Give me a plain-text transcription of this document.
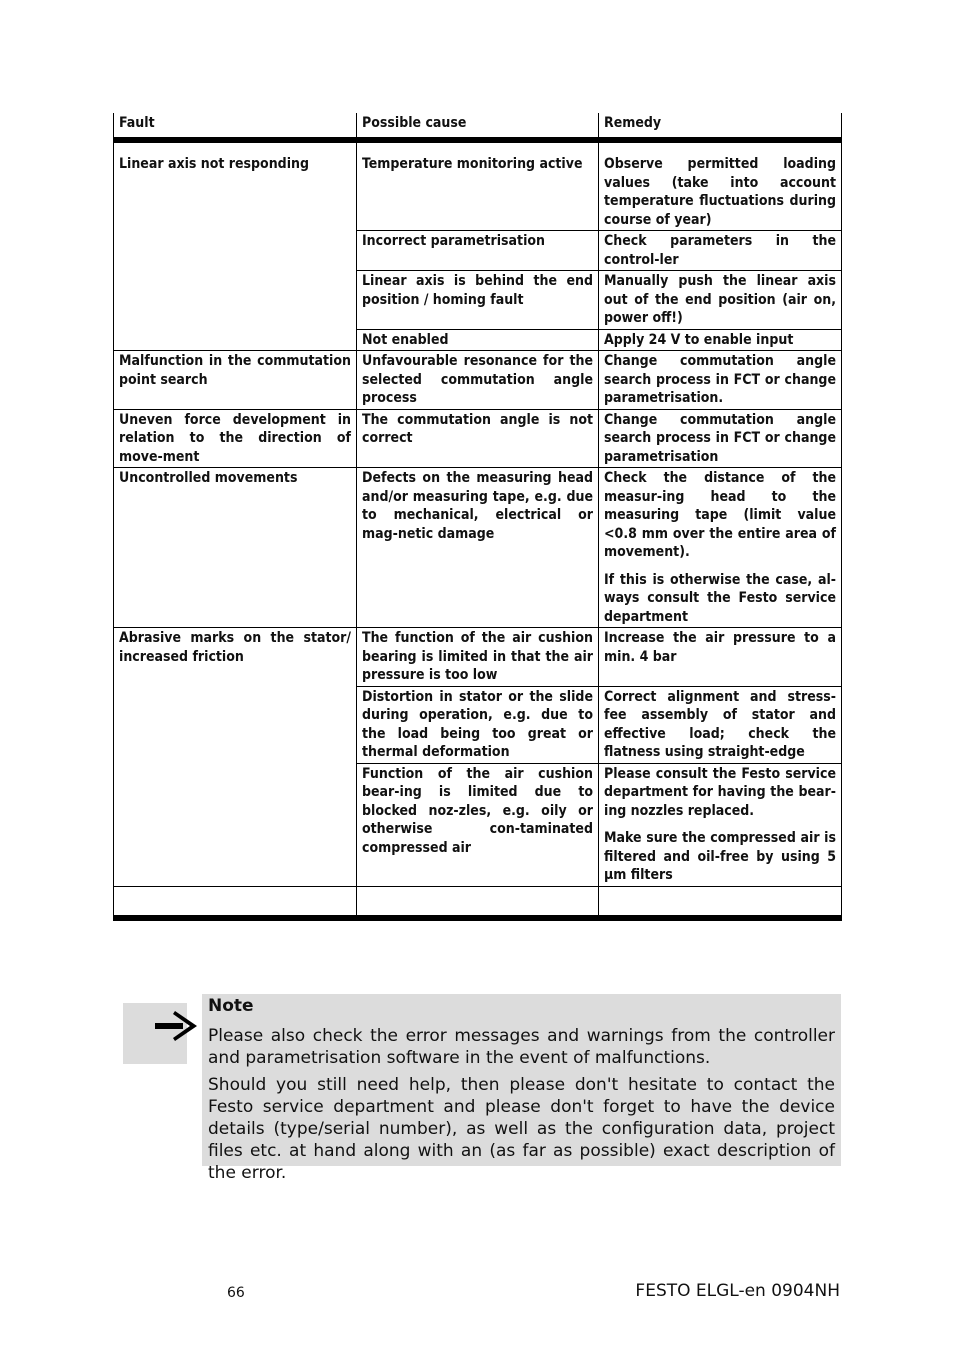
Fault	Possible cause	Remedy
Linear axis not responding	Temperature monitoring active	Observe permitted loading values (take into account temperature fluctuations during course of year)

	Incorrect parametrisation	Check parameters in the control-ler

	Linear axis is behind the end position / homing fault	Manually push the linear axis out of the end position (air on, power off!)

	Not enabled	Apply 24 V to enable input

Malfunction in the commutation point search	Unfavourable resonance for the selected commutation angle process	Change commutation angle search process in FCT or change parametrisation.

Uneven force development in relation to the direction of move-ment	The commutation angle is not correct	Change commutation angle search process in FCT or change parametrisation

Uncontrolled movements	Defects on the measuring head and/or measuring tape, e.g. due to mechanical, electrical or mag-netic damage	Check the distance of the measur-ing head to the measuring tape (limit value <0.8 mm over the entire area of movement).
If this is otherwise the case, al-ways consult the Festo service department

Abrasive marks on the stator/ increased friction	The function of the air cushion bearing is limited in that the air pressure is too low	Increase the air pressure to a min. 4 bar

	Distortion in stator or the slide during operation, e.g. due to the load being too great or thermal deformation	Correct alignment and stress-fee assembly of stator and effective load; check the flatness using straight-edge

	Function of the air cushion bear-ing is limited due to blocked noz-zles, e.g. oily or otherwise con-taminated compressed air	Please consult the Festo service department for having the bear-ing nozzles replaced.
Make sure the compressed air is filtered and oil-free by using 5 µm filters

Note

Please also check the error messages and warnings from the controller and parametrisation software in the event of malfunctions.

Should you still need help, then please don't hesitate to contact the Festo service department and please don't forget to have the device details (type/serial number), as well as the configuration data, project files etc. at hand along with an (as far as possible) exact description of the error.

66	FESTO ELGL-en 0904NH
